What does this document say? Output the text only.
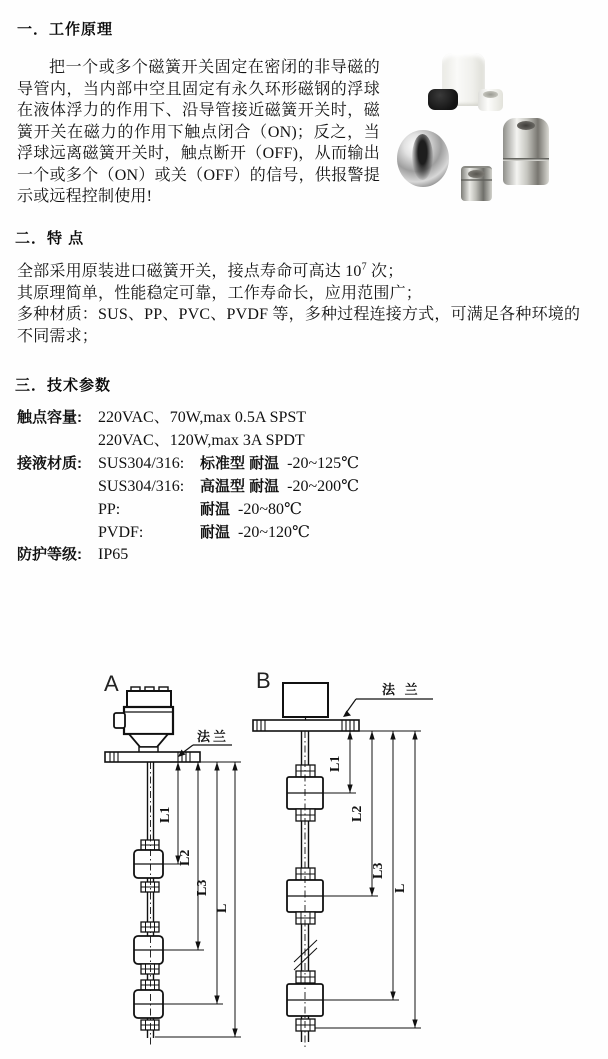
一．工作原理
把一个或多个磁簧开关固定在密闭的非导磁的导管内，当内部中空且固定有永久环形磁钢的浮球在液体浮力的作用下、沿导管接近磁簧开关时，磁簧开关在磁力的作用下触点闭合（ON)；反之，当浮球远离磁簧开关时，触点断开（OFF)，从而输出一个或多个（ON）或关（OFF）的信号，供报警提示或远程控制使用!
二．特 点
全部采用原装进口磁簧开关，接点寿命可高达 $10^7$ 次；
其原理简单，性能稳定可靠，工作寿命长，应用范围广；
多种材质：SUS、PP、PVC、PVDF 等，多种过程连接方式，可满足各种环境的不同需求；
三．技术参数
触点容量: 220VAC、70W,max 0.5A SPST
220VAC、120W,max 3A SPDT
接液材质: SUS304/316: 标准型 耐温 -20~125℃
SUS304/316: 高温型 耐温 -20~200℃
PP:	耐温 -20~80℃
PVDF:	耐温 -20~120℃
防护等级: IP65
A
法兰
L1
L2
L3
L
B	法 兰
L1
L2
L3
L
